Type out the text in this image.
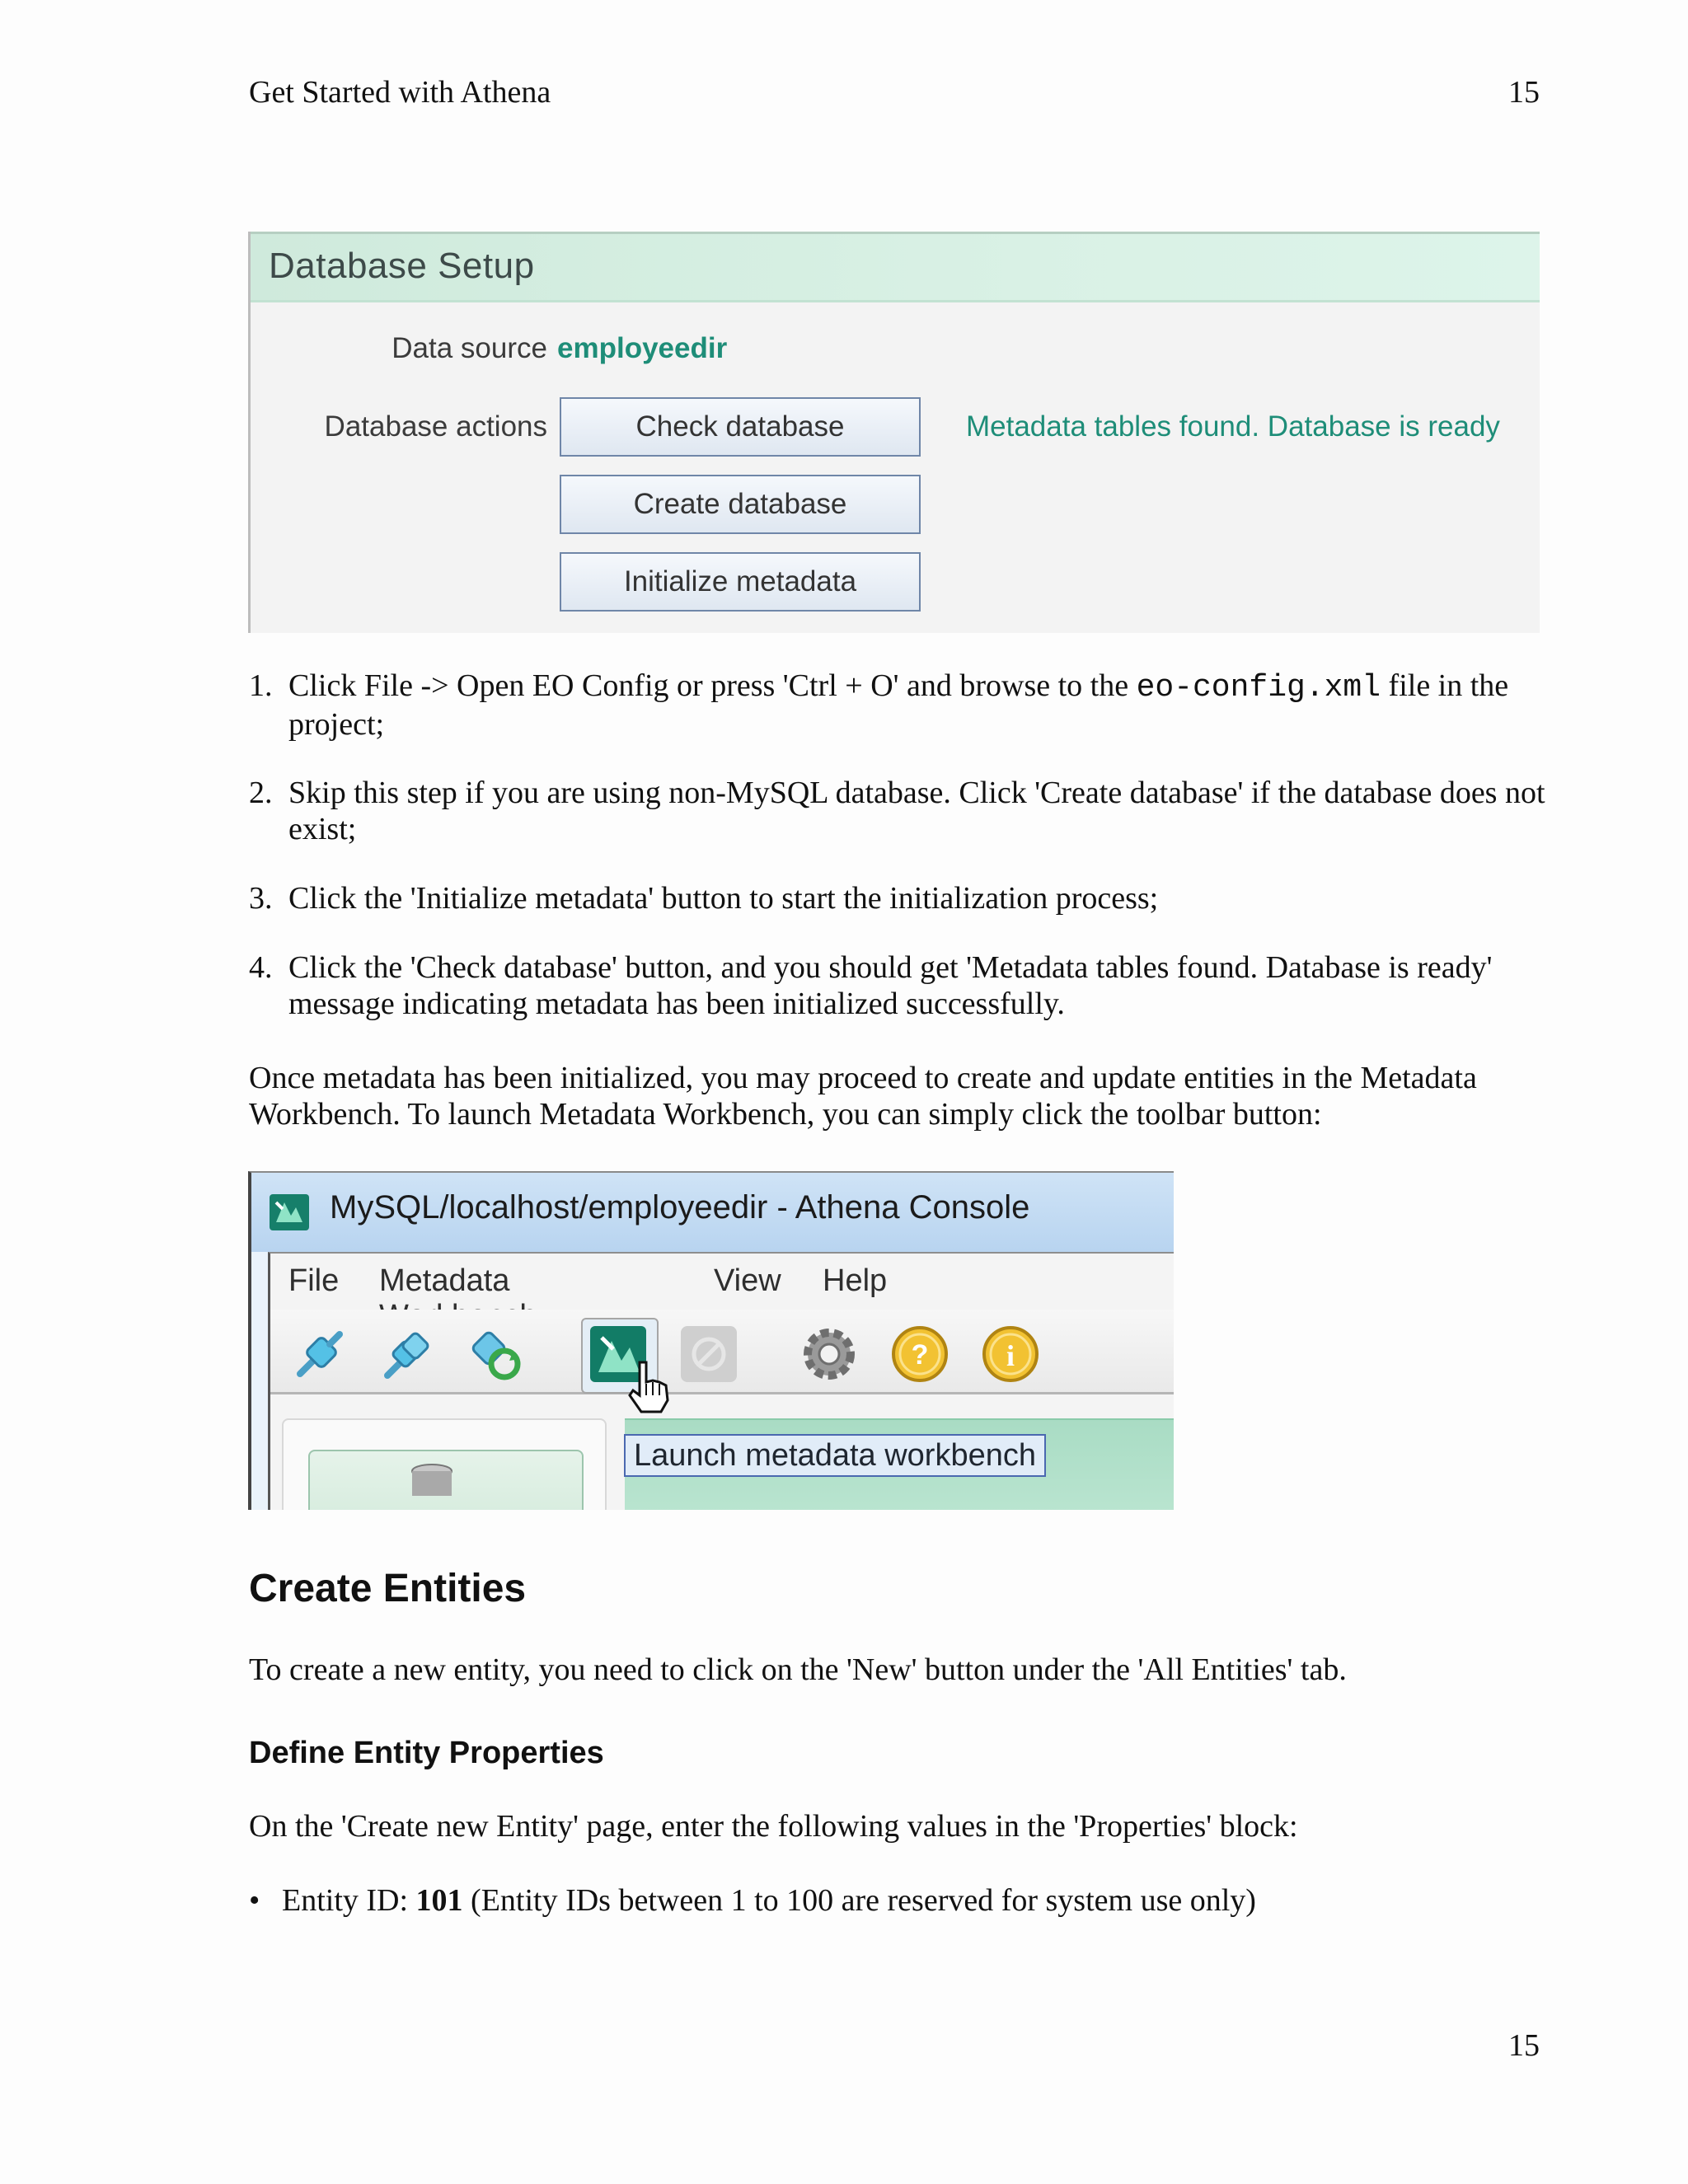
Get Started with Athena	15
Database Setup
Data source employeedir
Database actions	Check database
Create database
Initialize metadata
Metadata tables found. Database is ready
1. Click File -> Open EO Config or press 'Ctrl + O' and browse to the eo-config.xml file in the project;
2. Skip this step if you are using non-MySQL database. Click 'Create database' if the database does not exist;
3. Click the 'Initialize metadata' button to start the initialization process;
4. Click the 'Check database' button, and you should get 'Metadata tables found. Database is ready' message indicating metadata has been initialized successfully.
Once metadata has been initialized, you may proceed to create and update entities in the Metadata Workbench. To launch Metadata Workbench, you can simply click the toolbar button:
MySQL/localhost/employeedir - Athena Console
File Metadata	View Help
?	i
Launch metadata workbench
Create Entities
To create a new entity, you need to click on the 'New' button under the 'All Entities' tab.
Define Entity Properties
On the 'Create new Entity' page, enter the following values in the 'Properties' block:
• Entity ID: 101 (Entity IDs between 1 to 100 are reserved for system use only)
15
